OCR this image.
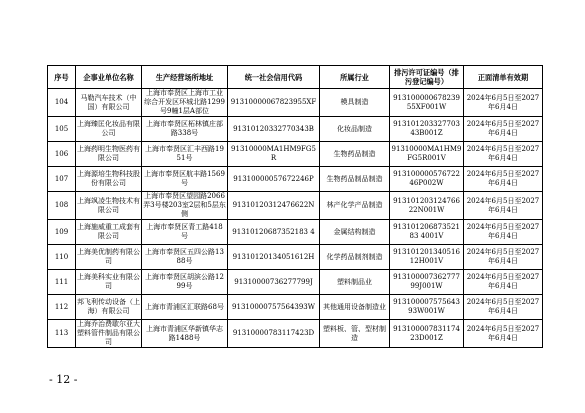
序号	企事业单位名称	生产经营场所地址	统一社会信用代码	所属行业	排污许可证编号（排污登记编号）	正面清单有效期
104	马勒汽车技术（中国）有限公司	上海市奉贤区上海市工业综合开发区环城北路1299号9幢1层A部位	91310000067823955XF	模具制造	91310000067823955XF001W	2024年6月5日至2027年6月4日
105	上海臻匡化妆品有限公司	上海市奉贤区柘林镇庄部路338号	91310120332770343B	化妆品制造	91310120332770343B001Z	2024年6月5日至2027年6月4日
106	上海药明生物医药有限公司	上海市奉贤区汇丰西路1951号	91310000MA1HM9FG5R	生物药品制造	91310000MA1HM9FG5R001V	2024年6月5日至2027年6月4日
107	上海源培生物科技股份有限公司	上海市奉贤区航丰路1569号	91310000057672246P	生物药品制品制造	91310000057672246P002W	2024年6月5日至2027年6月4日
108	上海飒凌生物技术有限公司	上海市奉贤区望园路2066弄3号楼203室2层和5层东侧	91310120312476622N	林产化学产品制造	91310120312476622N001W	2024年6月5日至2027年6月4日
109	上海施威重工成套有限公司	上海市奉贤区青工路418号	91310120687352183 4	金属结构制造	91310120687352183 4001V	2024年6月5日至2027年6月4日
110	上海美优制药有限公司	上海市奉贤区五四公路1388号	91310120134051612H	化学药品制剂制造	91310120134051612H001V	2024年6月5日至2027年6月4日
111	上海美科实业有限公司	上海市奉贤区胡滨公路1299号	91310000736277799J	塑料制品业	91310000736277799J001W	2024年6月5日至2027年6月4日
112	邦飞利传动设备（上海）有限公司	上海市青浦区汇联路68号	91310000757564393W	其他通用设备制造业	91310000757564393W001W	2024年6月5日至2027年6月4日
113	上海乔治费歇尔亚大塑料管件制品有限公司	上海市青浦区华新镇华志路1488号	91310000783117423D	塑料板、管、型材制造	91310000783117423D001Z	2024年6月5日至2027年6月4日
- 12 -
